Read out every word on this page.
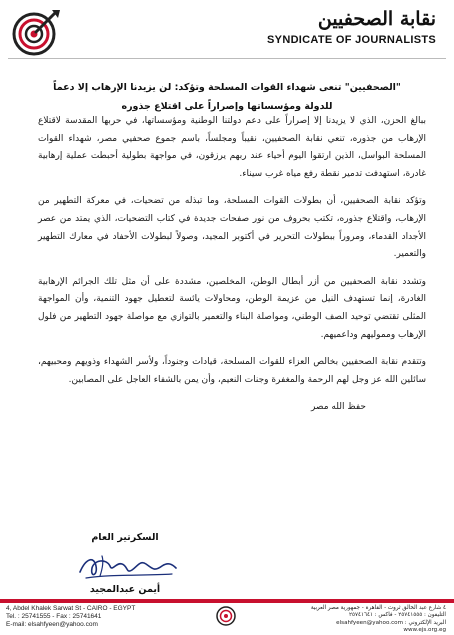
نقابة الصحفيين
SYNDICATE OF JOURNALISTS
"الصحفيين" تنعى شهداء القوات المسلحة وتؤكد: لن يزيدنا الإرهاب إلا دعماً
للدولة ومؤسساتها وإصراراً على اقتلاع جذوره

ببالغ الحزن، الذي لا يزيدنا إلا إصراراً على دعم دولتنا الوطنية ومؤسساتها، في حربها المقدسة لاقتلاع الإرهاب من جذوره، تنعي نقابة الصحفيين، نقيباً ومجلساً، باسم جموع صحفيي مصر، شهداء القوات المسلحة البواسل، الذين ارتقوا اليوم أحياء عند ربهم يرزقون، في مواجهة بطولية أحبطت عملية إرهابية غادرة، استهدفت تدمير نقطة رفع مياه غرب سيناء.

وتؤكد نقابة الصحفيين، أن بطولات القوات المسلحة، وما تبذله من تضحيات، في معركة التطهير من الإرهاب، واقتلاع جذوره، تكتب بحروف من نور صفحات جديدة في كتاب التضحيات، الذي يمتد من عصر الأجداد القدماء، ومروراً ببطولات التحرير في أكتوبر المجيد، وصولاً لبطولات الأحفاد في معارك التطهير والتعمير.

وتشدد نقابة الصحفيين من أزر أبطال الوطن، المخلصين، مشددة على أن مثل تلك الجرائم الإرهابية الغادرة، إنما تستهدف النيل من عزيمة الوطن، ومحاولات يائسة لتعطيل جهود التنمية، وأن المواجهة المثلى تقتضي توحيد الصف الوطني، ومواصلة البناء والتعمير بالتوازي مع مواصلة جهود التطهير من فلول الإرهاب ومموليهم وداعميهم.

وتتقدم نقابة الصحفيين بخالص العزاء للقوات المسلحة، قيادات وجنوداً، ولأسر الشهداء وذويهم ومحبيهم، سائلين الله عز وجل لهم الرحمة والمغفرة وجنات النعيم، وأن يمن بالشفاء العاجل على المصابين.

حفظ الله مصر

السكرتير العام
أيمن عبدالمجيد
4, Abdel Khalek Sarwat St - CAIRO - EGYPT
Tel. : 25741555 - Fax : 25741641
E-mail: elsahfyeen@yahoo.com
٤ شارع عبد الخالق ثروت - القاهرة - جمهورية مصر العربية
التليفون : ٢٥٧٤١٥٥٥ - فاكس : ٢٥٧٤١٦٤١
البريد الإلكتروني : elsahfyeen@yahoo.com
www.ejs.org.eg
